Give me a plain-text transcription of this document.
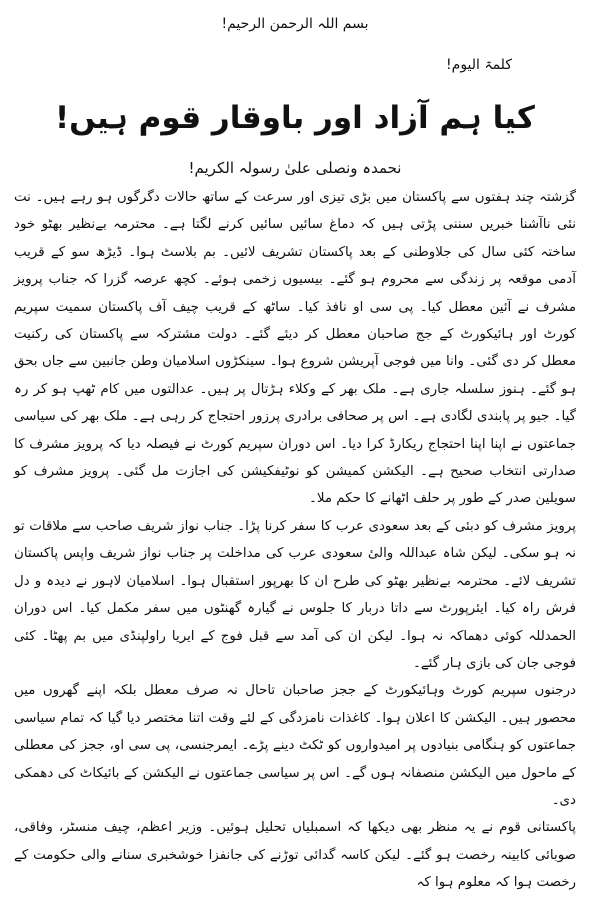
بسم اللہ الرحمن الرحیم!

کلمۃ الیوم!

کیا ہم آزاد اور باوقار قوم ہیں!

نحمدہ ونصلی علیٰ رسولہ الکریم!

گزشتہ چند ہفتوں سے پاکستان میں بڑی تیزی اور سرعت کے ساتھ حالات دگرگوں ہو رہے ہیں۔ نت نئی ناآشنا خبریں سننی پڑتی ہیں کہ دماغ سائیں سائیں کرنے لگتا ہے۔ محترمہ بےنظیر بھٹو خود ساختہ کئی سال کی جلاوطنی کے بعد پاکستان تشریف لائیں۔ بم بلاسٹ ہوا۔ ڈیڑھ سو کے قریب آدمی موقعہ پر زندگی سے محروم ہو گئے۔ بیسیوں زخمی ہوئے۔ کچھ عرصہ گزرا کہ جناب پرویز مشرف نے آئین معطل کیا۔ پی سی او نافذ کیا۔ ساٹھ کے قریب چیف آف پاکستان سمیت سپریم کورٹ اور ہائیکورٹ کے جج صاحبان معطل کر دیئے گئے۔ دولت مشترکہ سے پاکستان کی رکنیت معطل کر دی گئی۔ وانا میں فوجی آپریشن شروع ہوا۔ سینکڑوں اسلامیان وطن جانبین سے جاں بحق ہو گئے۔ ہنوز سلسلہ جاری ہے۔ ملک بھر کے وکلاء ہڑتال پر ہیں۔ عدالتوں میں کام ٹھپ ہو کر رہ گیا۔ جیو پر پابندی لگادی ہے۔ اس پر صحافی برادری پرزور احتجاج کر رہی ہے۔ ملک بھر کی سیاسی جماعتوں نے اپنا اپنا احتجاج ریکارڈ کرا دیا۔ اس دوران سپریم کورٹ نے فیصلہ دیا کہ پرویز مشرف کا صدارتی انتخاب صحیح ہے۔ الیکشن کمیشن کو نوٹیفکیشن کی اجازت مل گئی۔ پرویز مشرف کو سویلین صدر کے طور پر حلف اٹھانے کا حکم ملا۔

پرویز مشرف کو دبئی کے بعد سعودی عرب کا سفر کرنا پڑا۔ جناب نواز شریف صاحب سے ملاقات تو نہ ہو سکی۔ لیکن شاہ عبداللہ والیٔ سعودی عرب کی مداخلت پر جناب نواز شریف واپس پاکستان تشریف لائے۔ محترمہ بےنظیر بھٹو کی طرح ان کا بھرپور استقبال ہوا۔ اسلامیان لاہور نے دیدہ و دل فرش راہ کیا۔ ایئرپورٹ سے داتا دربار کا جلوس نے گیارہ گھنٹوں میں سفر مکمل کیا۔ اس دوران الحمدللہ کوئی دھماکہ نہ ہوا۔ لیکن ان کی آمد سے قبل فوج کے ایریا راولپنڈی میں بم پھٹا۔ کئی فوجی جان کی بازی ہار گئے۔

درجنوں سپریم کورٹ وہائیکورٹ کے ججز صاحبان تاحال نہ صرف معطل بلکہ اپنے گھروں میں محصور ہیں۔ الیکشن کا اعلان ہوا۔ کاغذات نامزدگی کے لئے وقت اتنا مختصر دیا گیا کہ تمام سیاسی جماعتوں کو ہنگامی بنیادوں پر امیدواروں کو ٹکٹ دینے پڑے۔ ایمرجنسی، پی سی او، ججز کی معطلی کے ماحول میں الیکشن منصفانہ ہوں گے۔ اس پر سیاسی جماعتوں نے الیکشن کے بائیکاٹ کی دھمکی دی۔

پاکستانی قوم نے یہ منظر بھی دیکھا کہ اسمبلیاں تحلیل ہوئیں۔ وزیر اعظم، چیف منسٹر، وفاقی، صوبائی کابینہ رخصت ہو گئے۔ لیکن کاسہ گدائی توڑنے کی جانفزا خوشخبری سنانے والی حکومت کے رخصت ہوا کہ معلوم ہوا کہ
